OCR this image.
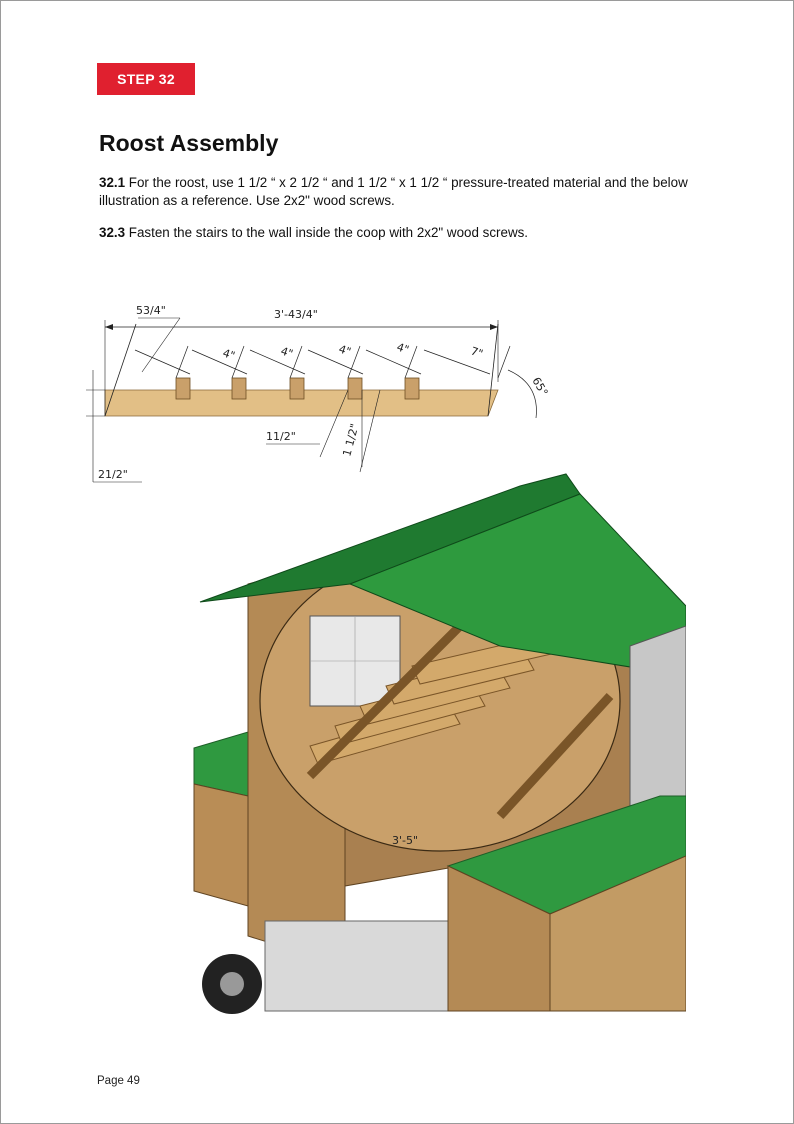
STEP 32
Roost Assembly

32.1 For the roost, use 1 1/2 “ x 2 1/2 “ and 1 1/2 “ x 1 1/2 “ pressure-treated material and the below illustration as a reference. Use 2x2" wood screws.

32.3 Fasten the stairs to the wall inside the coop with 2x2" wood screws.

3'-43/4"
53/4"
4"	4"	4"	4"	7"
65°
11/2"	1 1/2"
21/2"
3'-5"
Page 49
